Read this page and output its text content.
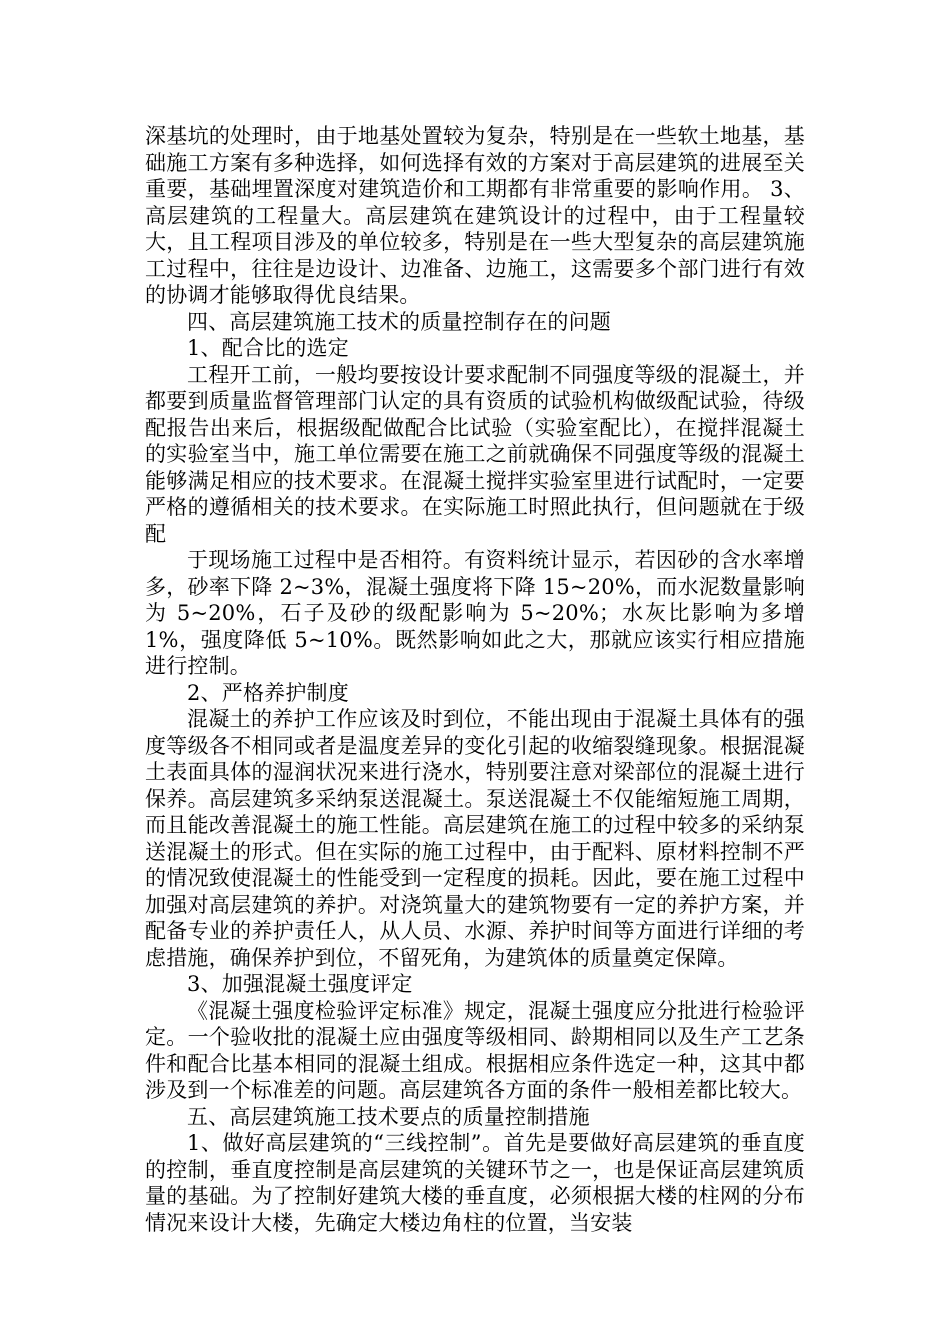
深基坑的处理时，由于地基处置较为复杂，特别是在一些软土地基，基础施工方案有多种选择，如何选择有效的方案对于高层建筑的进展至关重要，基础埋置深度对建筑造价和工期都有非常重要的影响作用。 3、高层建筑的工程量大。高层建筑在建筑设计的过程中，由于工程量较大，且工程项目涉及的单位较多，特别是在一些大型复杂的高层建筑施工过程中，往往是边设计、边准备、边施工，这需要多个部门进行有效的协调才能够取得优良结果。

四、高层建筑施工技术的质量控制存在的问题

1、配合比的选定

工程开工前，一般均要按设计要求配制不同强度等级的混凝土，并都要到质量监督管理部门认定的具有资质的试验机构做级配试验，待级配报告出来后，根据级配做配合比试验（实验室配比），在搅拌混凝土的实验室当中，施工单位需要在施工之前就确保不同强度等级的混凝土能够满足相应的技术要求。在混凝土搅拌实验室里进行试配时，一定要严格的遵循相关的技术要求。在实际施工时照此执行，但问题就在于级配

于现场施工过程中是否相符。有资料统计显示，若因砂的含水率增多，砂率下降 2~3%，混凝土强度将下降 15~20%，而水泥数量影响为 5~20%，石子及砂的级配影响为 5~20%；水灰比影响为多增 1%，强度降低 5~10%。既然影响如此之大，那就应该实行相应措施进行控制。

2、严格养护制度

混凝土的养护工作应该及时到位，不能出现由于混凝土具体有的强度等级各不相同或者是温度差异的变化引起的收缩裂缝现象。根据混凝土表面具体的湿润状况来进行浇水，特别要注意对梁部位的混凝土进行保养。高层建筑多采纳泵送混凝土。泵送混凝土不仅能缩短施工周期，而且能改善混凝土的施工性能。高层建筑在施工的过程中较多的采纳泵送混凝土的形式。但在实际的施工过程中，由于配料、原材料控制不严的情况致使混凝土的性能受到一定程度的损耗。因此，要在施工过程中加强对高层建筑的养护。对浇筑量大的建筑物要有一定的养护方案，并配备专业的养护责任人，从人员、水源、养护时间等方面进行详细的考虑措施，确保养护到位，不留死角，为建筑体的质量奠定保障。

3、加强混凝土强度评定

《混凝土强度检验评定标准》规定，混凝土强度应分批进行检验评定。一个验收批的混凝土应由强度等级相同、龄期相同以及生产工艺条件和配合比基本相同的混凝土组成。根据相应条件选定一种，这其中都涉及到一个标准差的问题。高层建筑各方面的条件一般相差都比较大。

五、高层建筑施工技术要点的质量控制措施

1、做好高层建筑的“三线控制”。首先是要做好高层建筑的垂直度的控制，垂直度控制是高层建筑的关键环节之一，也是保证高层建筑质量的基础。为了控制好建筑大楼的垂直度，必须根据大楼的柱网的分布情况来设计大楼，先确定大楼边角柱的位置，当安装
